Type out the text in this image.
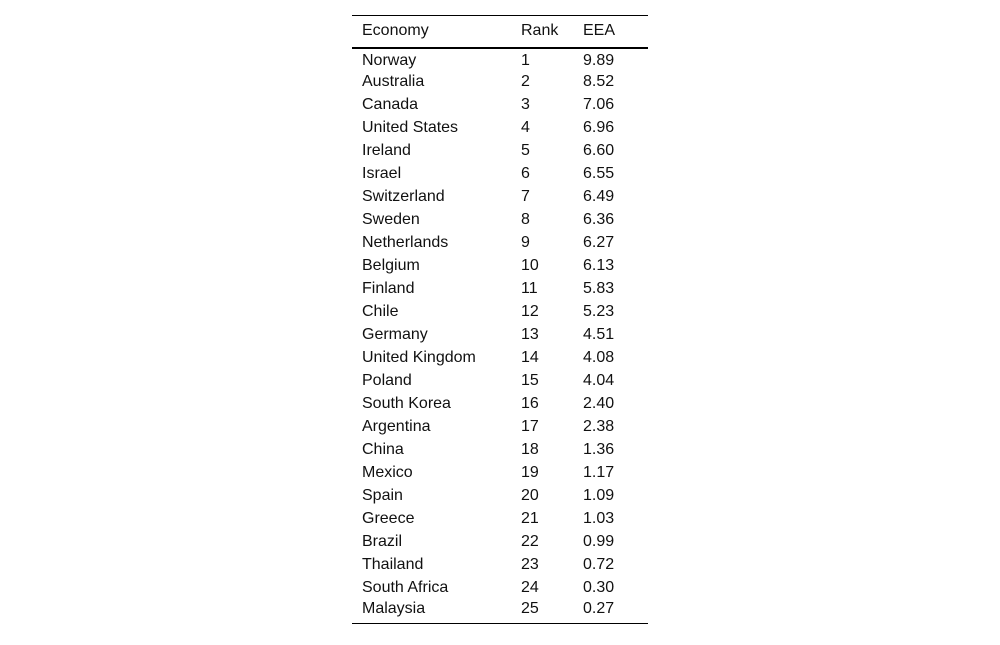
Economy	Rank	EEA
Norway	1	9.89
Australia	2	8.52
Canada	3	7.06
United States	4	6.96
Ireland	5	6.60
Israel	6	6.55
Switzerland	7	6.49
Sweden	8	6.36
Netherlands	9	6.27
Belgium	10	6.13
Finland	11	5.83
Chile	12	5.23
Germany	13	4.51
United Kingdom	14	4.08
Poland	15	4.04
South Korea	16	2.40
Argentina	17	2.38
China	18	1.36
Mexico	19	1.17
Spain	20	1.09
Greece	21	1.03
Brazil	22	0.99
Thailand	23	0.72
South Africa	24	0.30
Malaysia	25	0.27
